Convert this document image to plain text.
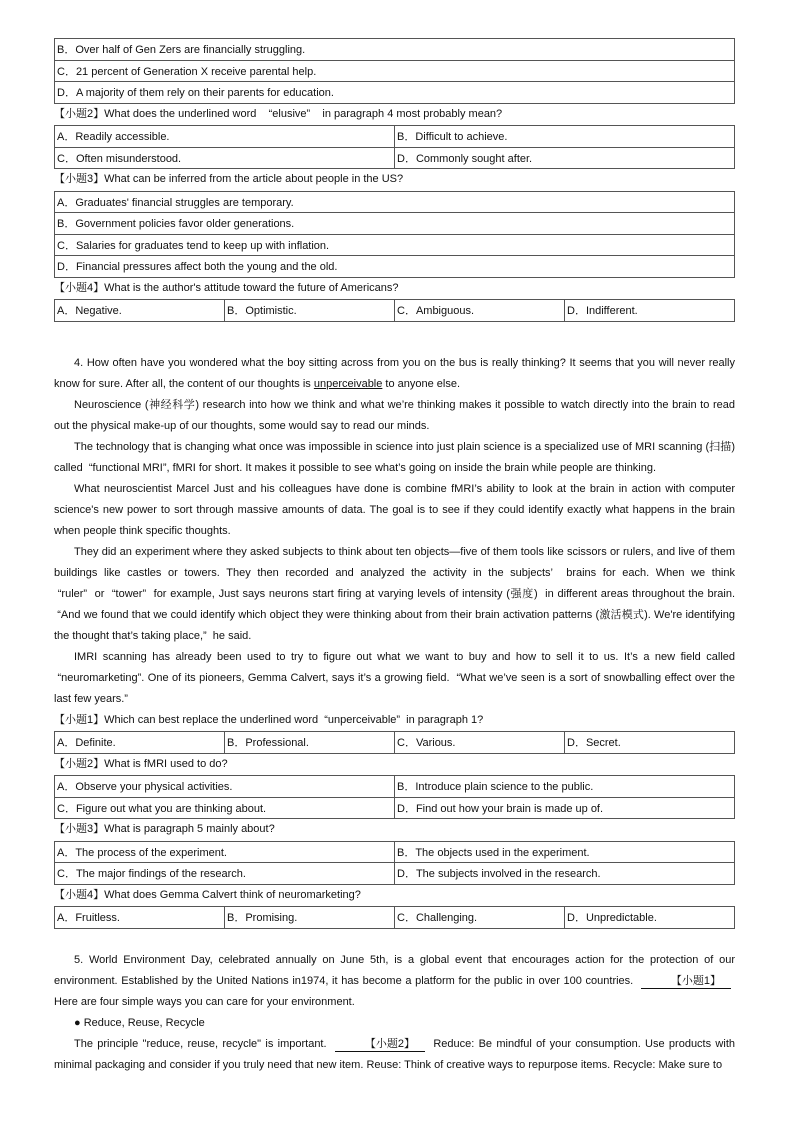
B．Over half of Gen Zers are financially struggling.
C．21 percent of Generation X receive parental help.
D．A majority of them rely on their parents for education.
【小题2】What does the underlined word    “elusive”    in paragraph 4 most probably mean?
A．Readily accessible.	B．Difficult to achieve.
C．Often misunderstood.	D．Commonly sought after.
【小题3】What can be inferred from the article about people in the US?
A．Graduates' financial struggles are temporary.
B．Government policies favor older generations.
C．Salaries for graduates tend to keep up with inflation.
D．Financial pressures affect both the young and the old.
【小题4】What is the author's attitude toward the future of Americans?
A．Negative.	B．Optimistic.	C．Ambiguous.	D．Indifferent.

4. How often have you wondered what the boy sitting across from you on the bus is really thinking? It seems that you will never really know for sure. After all, the content of our thoughts is unperceivable to anyone else.

Neuroscience (神经科学) research into how we think and what we’re thinking makes it possible to watch directly into the brain to read out the physical make-up of our thoughts, some would say to read our minds.

The technology that is changing what once was impossible in science into just plain science is a specialized use of MRI scanning (扫描) called  “functional MRI”, fMRI for short. It makes it possible to see what’s going on inside the brain while people are thinking.

What neuroscientist Marcel Just and his colleagues have done is combine fMRI’s ability to look at the brain in action with computer science's new power to sort through massive amounts of data. The goal is to see if they could identify exactly what happens in the brain when people think specific thoughts.

They did an experiment where they asked subjects to think about ten objects—five of them tools like scissors or rulers, and live of them buildings like castles or towers. They then recorded and analyzed the activity in the subjects’  brains for each. When we think  “ruler”  or  “tower”  for example, Just says neurons start firing at varying levels of intensity (强度)  in different areas throughout the brain.  “And we found that we could identify which object they were thinking about from their brain activation patterns (激活模式). We're identifying the thought that’s taking place,”  he said.

IMRI scanning has already been used to try to figure out what we want to buy and how to sell it to us. It’s a new field called  “neuromarketing”. One of its pioneers, Gemma Calvert, says it’s a growing field.  “What we’ve seen is a sort of snowballing effect over the last few years.”

【小题1】Which can best replace the underlined word  “unperceivable”  in paragraph 1?
A．Definite.	B．Professional.	C．Various.	D．Secret.
【小题2】What is fMRI used to do?
A．Observe your physical activities.	B．Introduce plain science to the public.
C．Figure out what you are thinking about.	D．Find out how your brain is made up of.
【小题3】What is paragraph 5 mainly about?
A．The process of the experiment.	B．The objects used in the experiment.
C．The major findings of the research.	D．The subjects involved in the research.
【小题4】What does Gemma Calvert think of neuromarketing?
A．Fruitless.	B．Promising.	C．Challenging.	D．Unpredictable.

5. World Environment Day, celebrated annually on June 5th, is a global event that encourages action for the protection of our environment. Established by the United Nations in1974, it has become a platform for the public in over 100 countries.	【小题1】 Here are four simple ways you can care for your environment.

● Reduce, Reuse, Recycle

The principle "reduce, reuse, recycle" is important.	【小题2】 Reduce: Be mindful of your consumption. Use products with minimal packaging and consider if you truly need that new item. Reuse: Think of creative ways to repurpose items. Recycle: Make sure to
